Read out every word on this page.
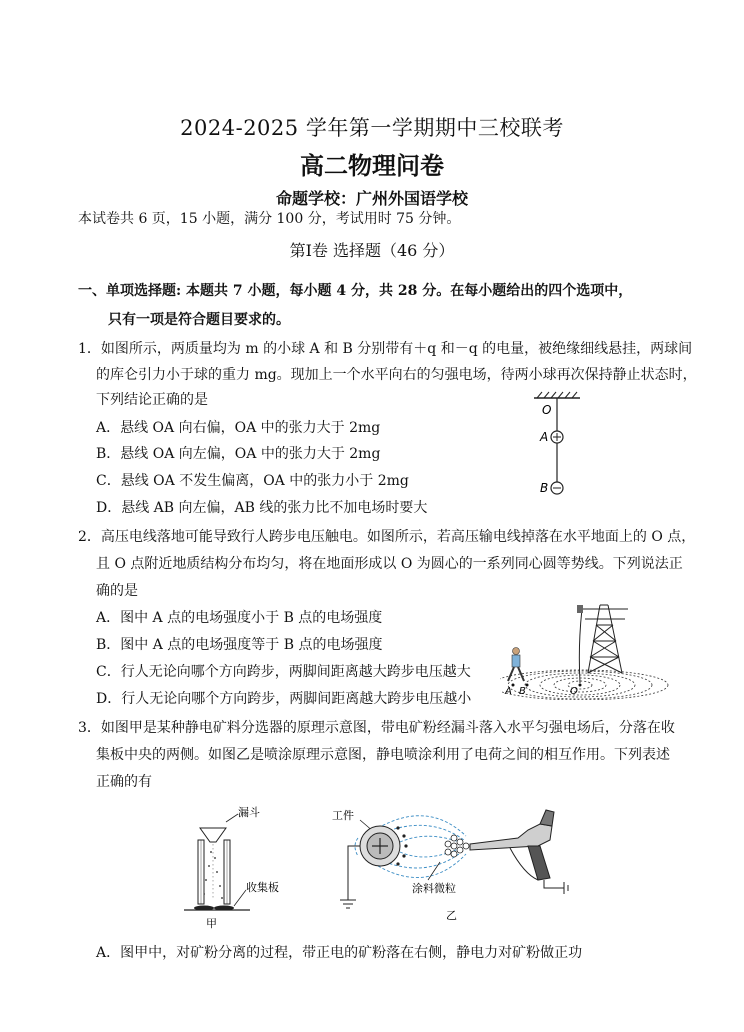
2024-2025 学年第一学期期中三校联考
高二物理问卷
命题学校：广州外国语学校
本试卷共 6 页，15 小题，满分 100 分，考试用时 75 分钟。
第Ⅰ卷 选择题（46 分）
一、单项选择题: 本题共 7 小题，每小题 4 分，共 28 分。在每小题给出的四个选项中，
只有一项是符合题目要求的。
1．如图所示，两质量均为 m 的小球 A 和 B 分别带有＋q 和－q 的电量，被绝缘细线悬挂，两球间
的库仑引力小于球的重力 mg。现加上一个水平向右的匀强电场，待两小球再次保持静止状态时，
下列结论正确的是
A．悬线 OA 向右偏，OA 中的张力大于 2mg
B．悬线 OA 向左偏，OA 中的张力大于 2mg
C．悬线 OA 不发生偏离，OA 中的张力小于 2mg
D．悬线 AB 向左偏，AB 线的张力比不加电场时要大
O
A
B
2．高压电线落地可能导致行人跨步电压触电。如图所示，若高压输电线掉落在水平地面上的 O 点，
且 O 点附近地质结构分布均匀，将在地面形成以 O 为圆心的一系列同心圆等势线。下列说法正
确的是
A．图中 A 点的电场强度小于 B 点的电场强度
B．图中 A 点的电场强度等于 B 点的电场强度
C．行人无论向哪个方向跨步，两脚间距离越大跨步电压越大
D．行人无论向哪个方向跨步，两脚间距离越大跨步电压越小	A B	O
3．如图甲是某种静电矿料分选器的原理示意图，带电矿粉经漏斗落入水平匀强电场后，分落在收
集板中央的两侧。如图乙是喷涂原理示意图，静电喷涂利用了电荷之间的相互作用。下列表述
正确的有
漏斗
收集板
甲
工件
涂料微粒
乙
A．图甲中，对矿粉分离的过程，带正电的矿粉落在右侧，静电力对矿粉做正功
